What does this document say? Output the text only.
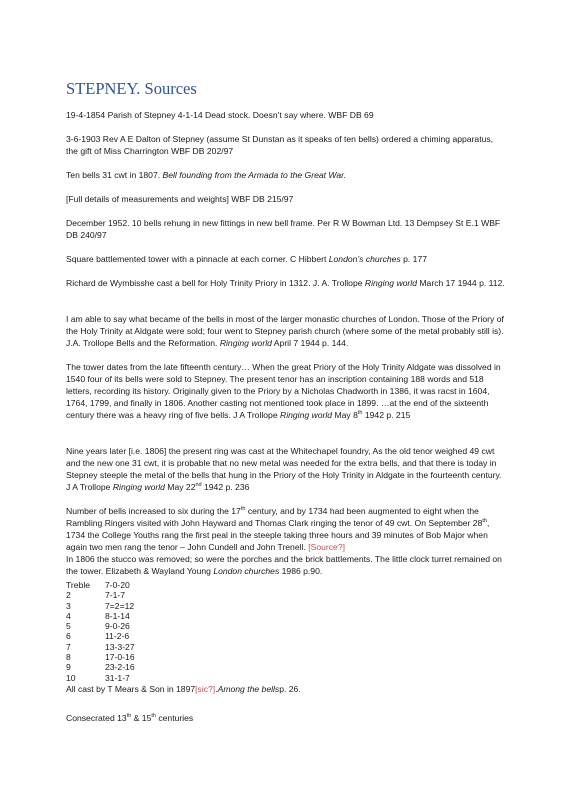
STEPNEY. Sources

19-4-1854 Parish of Stepney 4-1-14 Dead stock. Doesn’t say where. WBF DB 69

3-6-1903 Rev A E Dalton of Stepney (assume St Dunstan as it speaks of ten bells) ordered a chiming apparatus, the gift of Miss Charrington WBF DB 202/97

Ten bells 31 cwt in 1807. Bell founding from the Armada to the Great War.

[Full details of measurements and weights] WBF DB 215/97

December 1952. 10 bells rehung in new fittings in new bell frame. Per R W Bowman Ltd. 13 Dempsey St E.1 WBF DB 240/97

Square battlemented tower with a pinnacle at each corner. C Hibbert London’s churches p. 177

Richard de Wymbisshe cast a bell for Holy Trinity Priory in 1312. J. A. Trollope Ringing world March 17 1944 p. 112.

I am able to say what became of the bells in most of the larger monastic churches of London. Those of the Priory of the Holy Trinity at Aldgate were sold; four went to Stepney parish church (where some of the metal probably still is). J.A. Trollope Bells and the Reformation. Ringing world April 7 1944 p. 144.

The tower dates from the late fifteenth century… When the great Priory of the Holy Trinity Aldgate was dissolved in 1540 four of its bells were sold to Stepney. The present tenor has an inscription containing 188 words and 518 letters, recording its history. Originally given to the Priory by a Nicholas Chadworth in 1386, it was racst in 1604, 1764, 1799, and finally in 1806. Another casting not mentioned took place in 1899. …at the end of the sixteenth century there was a heavy ring of five bells. J A Trollope Ringing world May 8th 1942 p. 215

Nine years later [i.e. 1806] the present ring was cast at the Whitechapel foundry, As the old tenor weighed 49 cwt and the new one 31 cwt, it is probable that no new metal was needed for the extra bells, and that there is today in Stepney steeple the metal of the bells that hung in the Priory of the Holy Trinity in Aldgate in the fourteenth century. J A Trollope Ringing world May 22nd 1942 p. 236

Number of bells increased to six during the 17th century, and by 1734 had been augmented to eight when the Rambling Ringers visited with John Hayward and Thomas Clark ringing the tenor of 49 cwt. On September 28th, 1734 the College Youths rang the first peal in the steeple taking three hours and 39 minutes of Bob Major when again two men rang the tenor – John Cundell and John Trenell. [Source?]

In 1806 the stucco was removed; so were the porches and the brick battlements. The little clock turret remained on the tower. Elizabeth & Wayland Young London churches 1986 p.90.

Treble 7-0-20
2	7-1-7
3	7=2=12
4	8-1-14
5	9-0-26
6	11-2-6
7	13-3-27
8	17-0-16
9	23-2-16
10	31-1-7
All cast by T Mears & Son in 1897[sic?].Among the bellsp. 26.

Consecrated 13th & 15th centuries
